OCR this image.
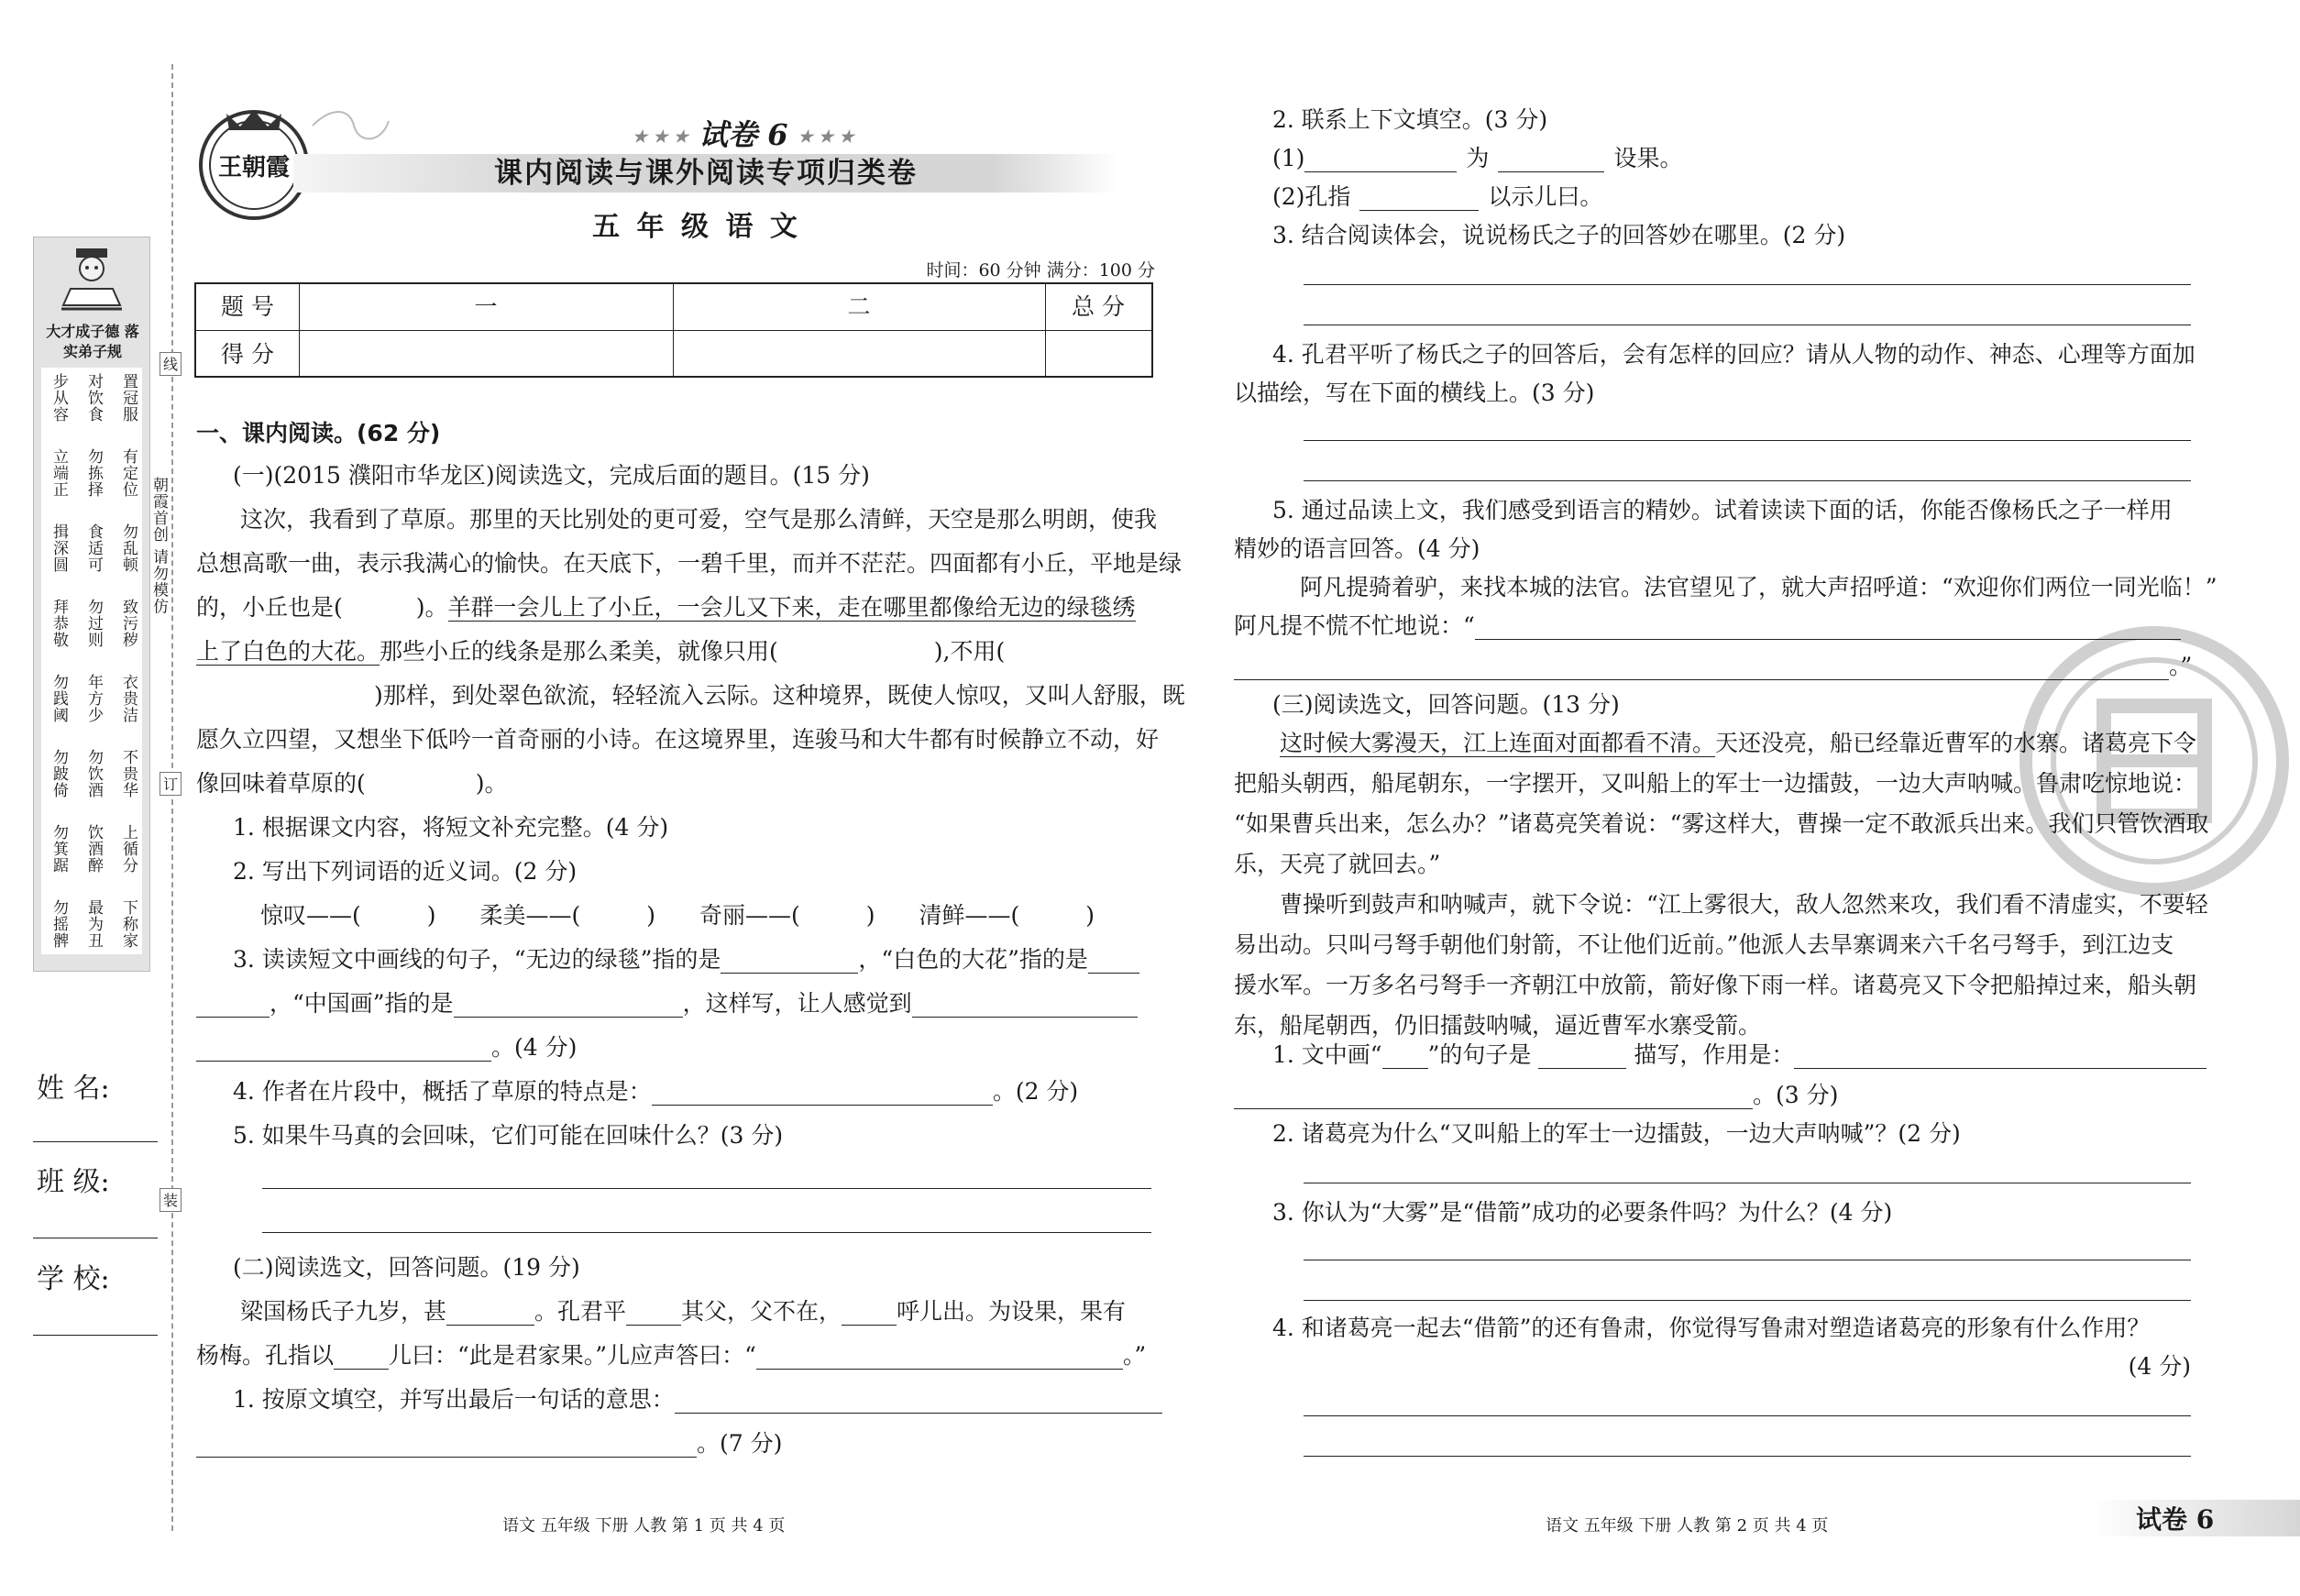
大才成子德 落实弟子规
步从容 对饮食 置冠服
立端正 勿拣择 有定位
揖深圆 食适可 勿乱顿
拜恭敬 勿过则 致污秽
勿践阈 年方少 衣贵洁
勿跛倚 勿饮酒 不贵华
勿箕踞 饮酒醉 上循分
勿摇髀 最为丑 下称家
线
订
装
朝霞首创 请勿模仿
姓 名:
班 级:
学 校:
王朝霞
★ ★ ★ 试卷 6 ★ ★ ★
课内阅读与课外阅读专项归类卷
五 年 级 语 文
时间：60 分钟 满分：100 分
题 号	一	二	总 分
得 分
一、课内阅读。(62 分)
(一)(2015 濮阳市华龙区)阅读选文，完成后面的题目。(15 分)
这次，我看到了草原。那里的天比别处的更可爱，空气是那么清鲜，天空是那么明朗，使我
总想高歌一曲，表示我满心的愉快。在天底下，一碧千里，而并不茫茫。四面都有小丘，平地是绿
的，小丘也是(	)。羊群一会儿上了小丘，一会儿又下来，走在哪里都像给无边的绿毯绣
上了白色的大花。那些小丘的线条是那么柔美，就像只用(	),不用(
)那样，到处翠色欲流，轻轻流入云际。这种境界，既使人惊叹，又叫人舒服，既
愿久立四望，又想坐下低吟一首奇丽的小诗。在这境界里，连骏马和大牛都有时候静立不动，好
像回味着草原的(	)。
1. 根据课文内容，将短文补充完整。(4 分)
2. 写出下列词语的近义词。(2 分)
惊叹——(	) 柔美——(	) 奇丽——(	) 清鲜——(	)
3. 读读短文中画线的句子，“无边的绿毯”指的是	，“白色的大花”指的是
，“中国画”指的是	，这样写，让人感觉到
。(4 分)
4. 作者在片段中，概括了草原的特点是：	。(2 分)
5. 如果牛马真的会回味，它们可能在回味什么？(3 分)
(二)阅读选文，回答问题。(19 分)
梁国杨氏子九岁，甚	。孔君平 其父，父不在， 呼儿出。为设果，果有
杨梅。孔指以 儿曰：“此是君家果。”儿应声答曰：“	。”
1. 按原文填空，并写出最后一句话的意思：
。(7 分)
语文 五年级 下册 人教 第 1 页 共 4 页
2. 联系上下文填空。(3 分)
(1)	为	设果。
(2)孔指	以示儿曰。
3. 结合阅读体会，说说杨氏之子的回答妙在哪里。(2 分)
4. 孔君平听了杨氏之子的回答后，会有怎样的回应？请从人物的动作、神态、心理等方面加
以描绘，写在下面的横线上。(3 分)
5. 通过品读上文，我们感受到语言的精妙。试着读读下面的话，你能否像杨氏之子一样用
精妙的语言回答。(4 分)
阿凡提骑着驴，来找本城的法官。法官望见了，就大声招呼道：“欢迎你们两位一同光临！”
阿凡提不慌不忙地说：“
。”
(三)阅读选文，回答问题。(13 分)
这时候大雾漫天，江上连面对面都看不清。天还没亮，船已经靠近曹军的水寨。诸葛亮下令
把船头朝西，船尾朝东，一字摆开，又叫船上的军士一边擂鼓，一边大声呐喊。鲁肃吃惊地说：
“如果曹兵出来，怎么办？”诸葛亮笑着说：“雾这样大，曹操一定不敢派兵出来。我们只管饮酒取
乐，天亮了就回去。”
曹操听到鼓声和呐喊声，就下令说：“江上雾很大，敌人忽然来攻，我们看不清虚实，不要轻
易出动。只叫弓弩手朝他们射箭，不让他们近前。”他派人去旱寨调来六千名弓弩手，到江边支
援水军。一万多名弓弩手一齐朝江中放箭，箭好像下雨一样。诸葛亮又下令把船掉过来，船头朝
东，船尾朝西，仍旧擂鼓呐喊，逼近曹军水寨受箭。
1. 文中画“ ”的句子是	描写，作用是：
。(3 分)
2. 诸葛亮为什么“又叫船上的军士一边擂鼓，一边大声呐喊”？(2 分)
3. 你认为“大雾”是“借箭”成功的必要条件吗？为什么？(4 分)
4. 和诸葛亮一起去“借箭”的还有鲁肃，你觉得写鲁肃对塑造诸葛亮的形象有什么作用？
(4 分)
语文 五年级 下册 人教 第 2 页 共 4 页	试卷 6
